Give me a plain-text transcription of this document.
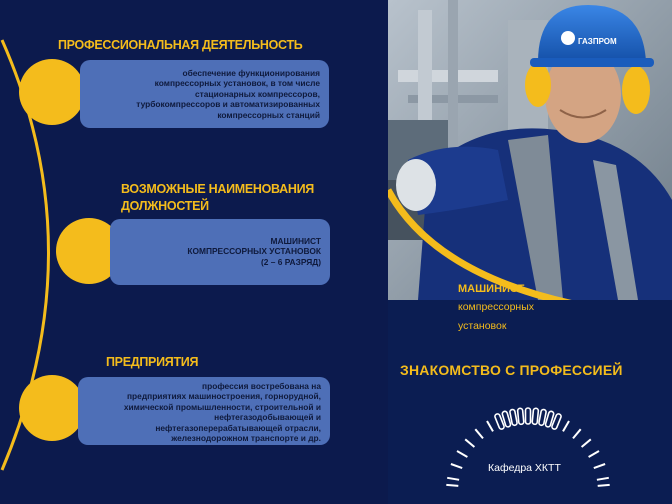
ПРОФЕССИОНАЛЬНАЯ ДЕЯТЕЛЬНОСТЬ
обеспечение функционирования
компрессорных установок, в том числе
стационарных компрессоров,
турбокомпрессоров и автоматизированных
компрессорных станций
ВОЗМОЖНЫЕ НАИМЕНОВАНИЯ
ДОЛЖНОСТЕЙ
МАШИНИСТ
КОМПРЕССОРНЫХ УСТАНОВОК
(2 – 6 РАЗРЯД)
ПРЕДПРИЯТИЯ
профессия востребована на
предприятиях машиностроения, горнорудной,
химической промышленности, строительной и
нефтегазодобывающей и
нефтегазоперерабатывающей отрасли,
железнодорожном транспорте и др.
ГАЗПРОМ
МАШИНИСТ
компрессорных
установок
ЗНАКОМСТВО С ПРОФЕССИЕЙ
Кафедра ХКТТ
